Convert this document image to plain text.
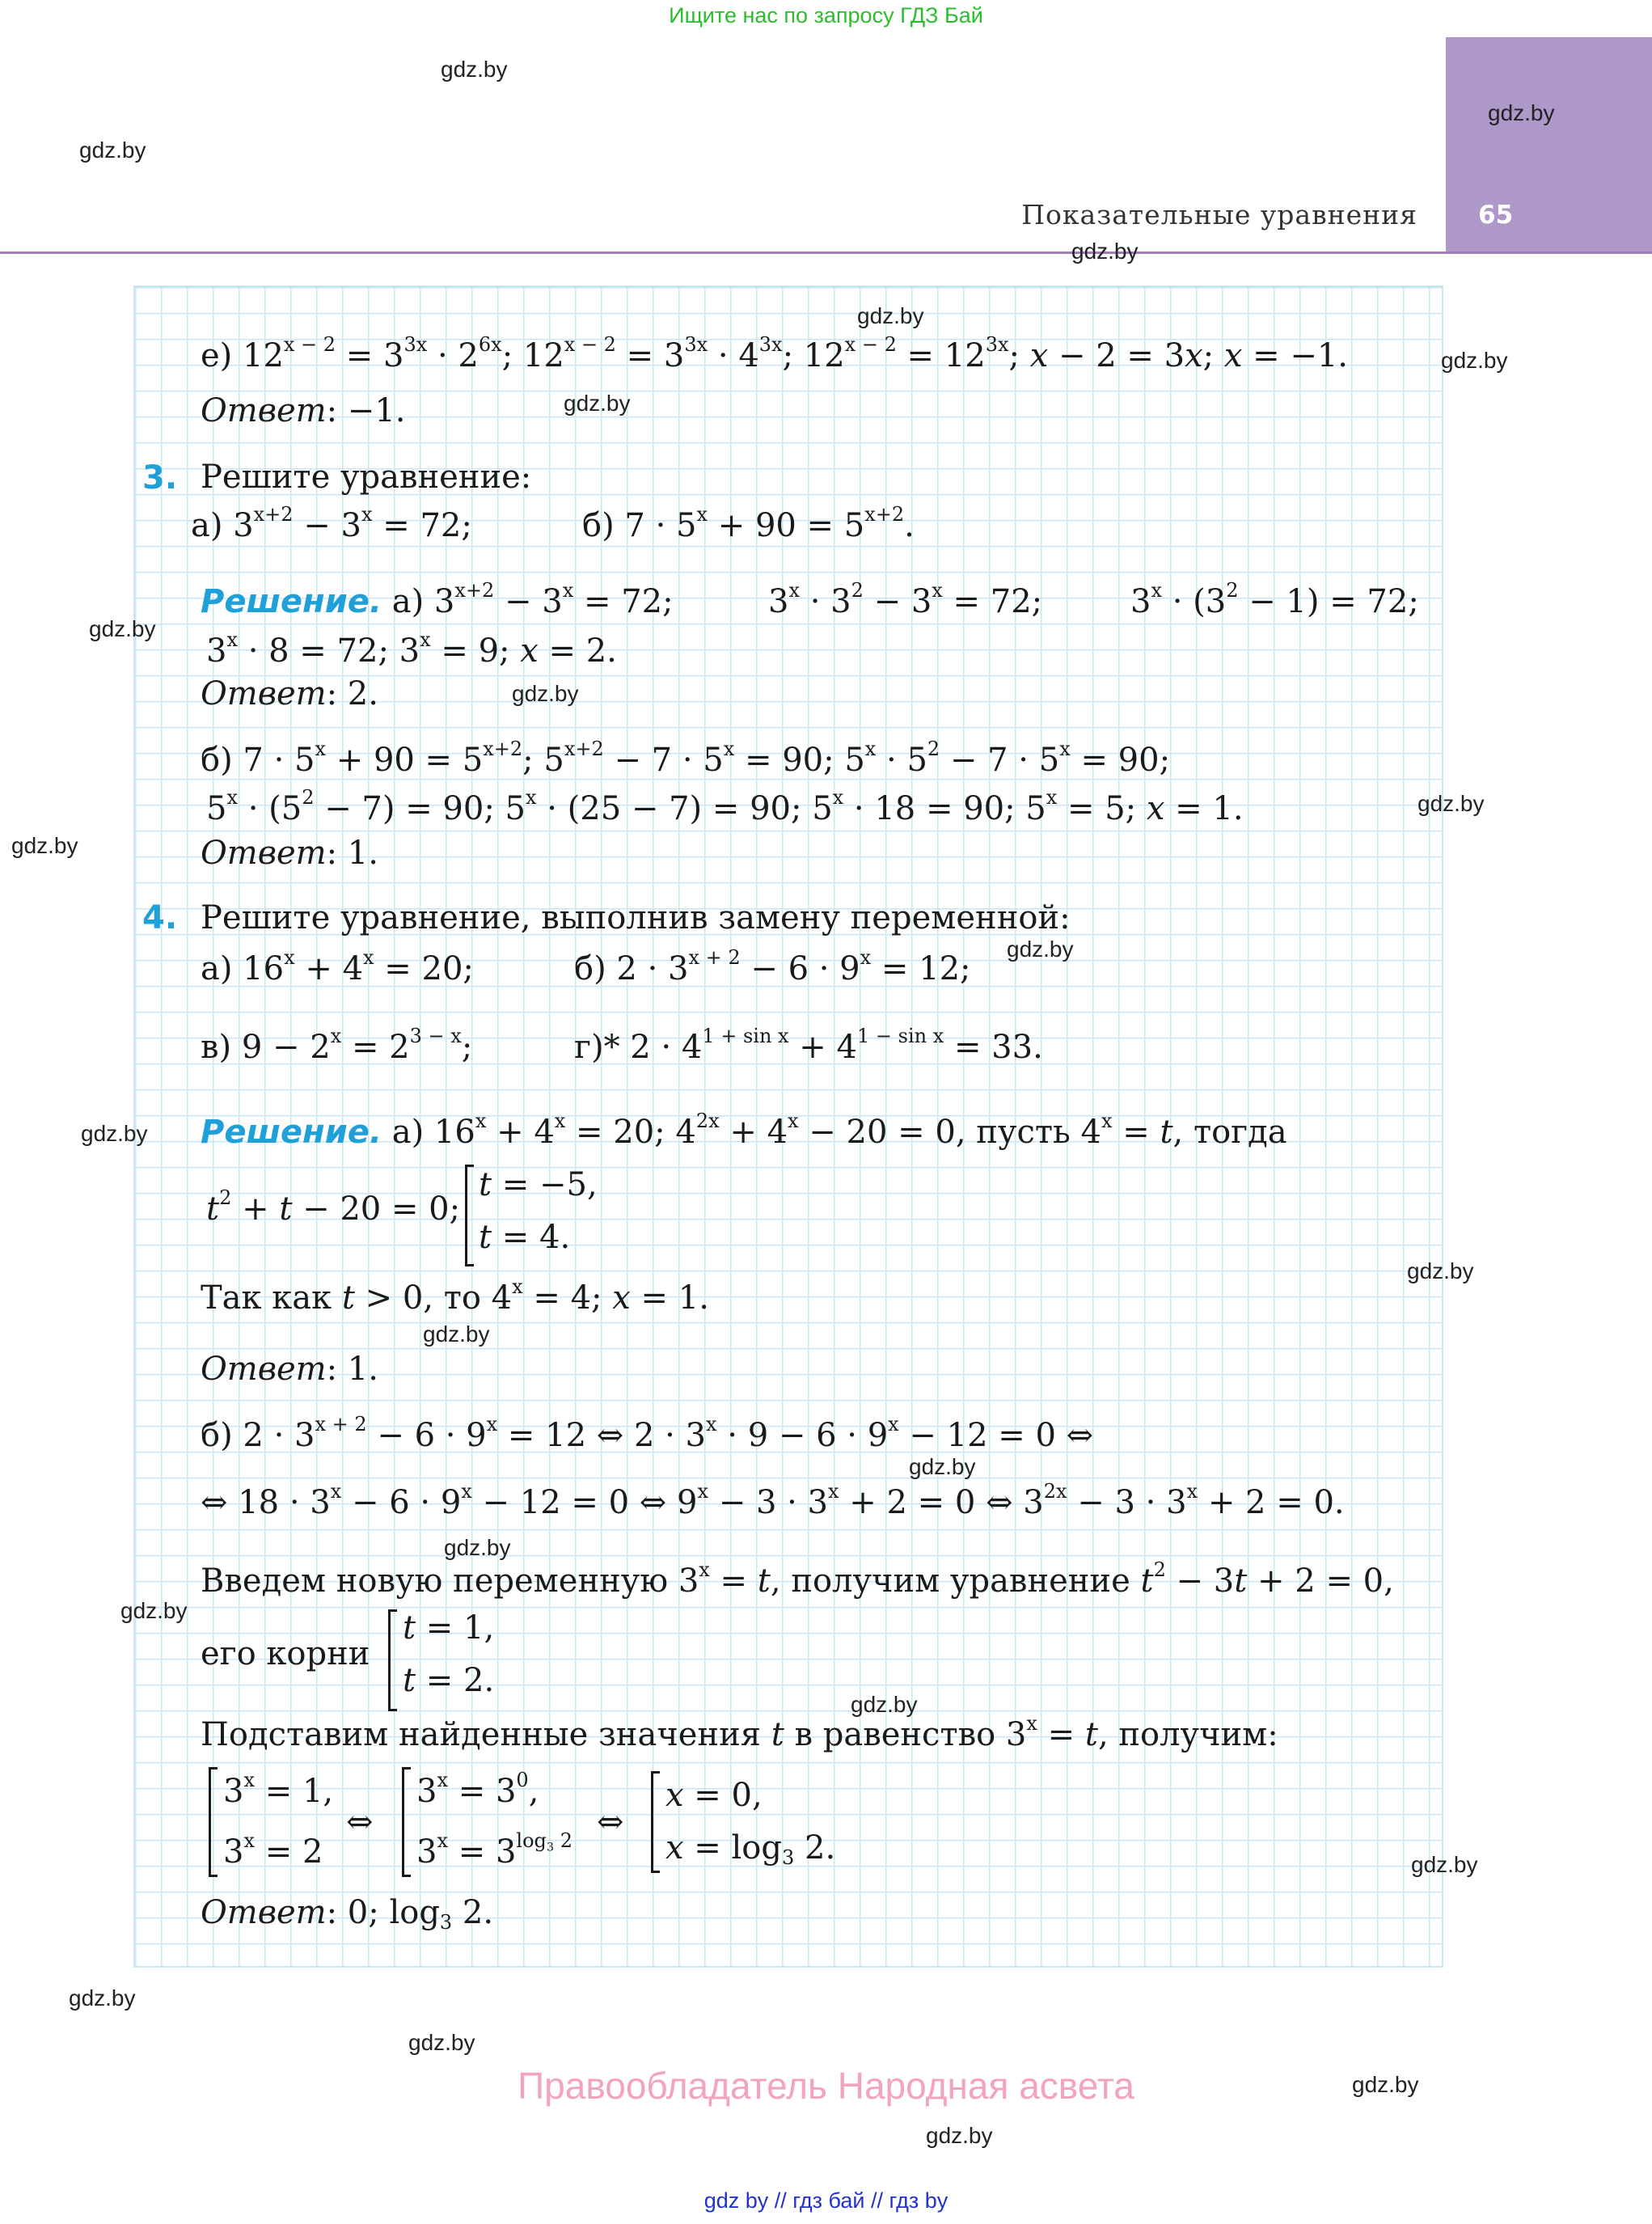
Ищите нас по запросу ГДЗ Бай
65
Показательные уравнения
gdz.by
gdz.by
gdz.by
gdz.by
gdz.by
gdz.by
gdz.by
gdz.by
gdz.by
gdz.by
gdz.by
gdz.by
gdz.by
gdz.by
gdz.by
gdz.by
gdz.by
gdz.by
gdz.by
gdz.by
gdz.by
gdz.by
gdz.by
gdz.by
е) $12^{x - 2} = 3^{3x} \cdot 2^{6x}$; $12^{x - 2} = 3^{3x} \cdot 4^{3x}$; $12^{x - 2} = 12^{3x}$; x − 2 = 3x; x = −1.
Ответ: −1.
3. Решите уравнение:
а) $3^{x+2} - 3^x = 72$;	б) $7 \cdot 5^x + 90 = 5^{x+2}$.
Решение. а) $3^{x+2} - 3^x = 72$;	$3^x \cdot 3^2 - 3^x = 72$;	$3^x \cdot (3^2 - 1) = 72$;
$3^x \cdot 8 = 72$; $3^x = 9$; x = 2.
Ответ: 2.
б) $7 \cdot 5^x + 90 = 5^{x+2}$; $5^{x+2} - 7 \cdot 5^x = 90$; $5^x \cdot 5^2 - 7 \cdot 5^x = 90$;
$5^x \cdot (5^2 - 7) = 90$; $5^x \cdot (25 - 7) = 90$; $5^x \cdot 18 = 90$; $5^x = 5$; x = 1.
Ответ: 1.
4. Решите уравнение, выполнив замену переменной:
а) $16^x + 4^x = 20$;	б) $2 \cdot 3^{x + 2} - 6 \cdot 9^x = 12$;
в) $9 - 2^x = 2^{3 - x}$;	г)* $2 \cdot 4^{1 + sin x} + 4^{1 - sin x} = 33$.
Решение. а) $16^x + 4^x = 20$; $4^{2x} + 4^x - 20 = 0$, пусть $4^x = t$, тогда
$t^2 + t - 20 = 0$;
t = −5,
t = 4.
Так как t > 0, то $4^x = 4$; x = 1.
Ответ: 1.
б) $2 \cdot 3^{x + 2} - 6 \cdot 9^x = 12$ ⇔ $2 \cdot 3^x \cdot 9 - 6 \cdot 9^x - 12 = 0$ ⇔
⇔ $18 \cdot 3^x - 6 \cdot 9^x - 12 = 0$ ⇔ $9^x - 3 \cdot 3^x + 2 = 0$ ⇔ $3^{2x} - 3 \cdot 3^x + 2 = 0$.
Введем новую переменную $3^x = t$, получим уравнение $t^2 - 3t + 2 = 0$,
его корни
t = 1,
t = 2.
Подставим найденные значения t в равенство $3^x = t$, получим:
$3^x = 1$,
$3^x = 2$
⇔
$3^x = 3^0$,
$3^x = 3^{log_3 2}$ ⇔
x = 0,
$x = \log_3 2$.
Ответ: 0; $\log_3 2$.
Правообладатель Народная асвета
gdz by // гдз бай // гдз by
